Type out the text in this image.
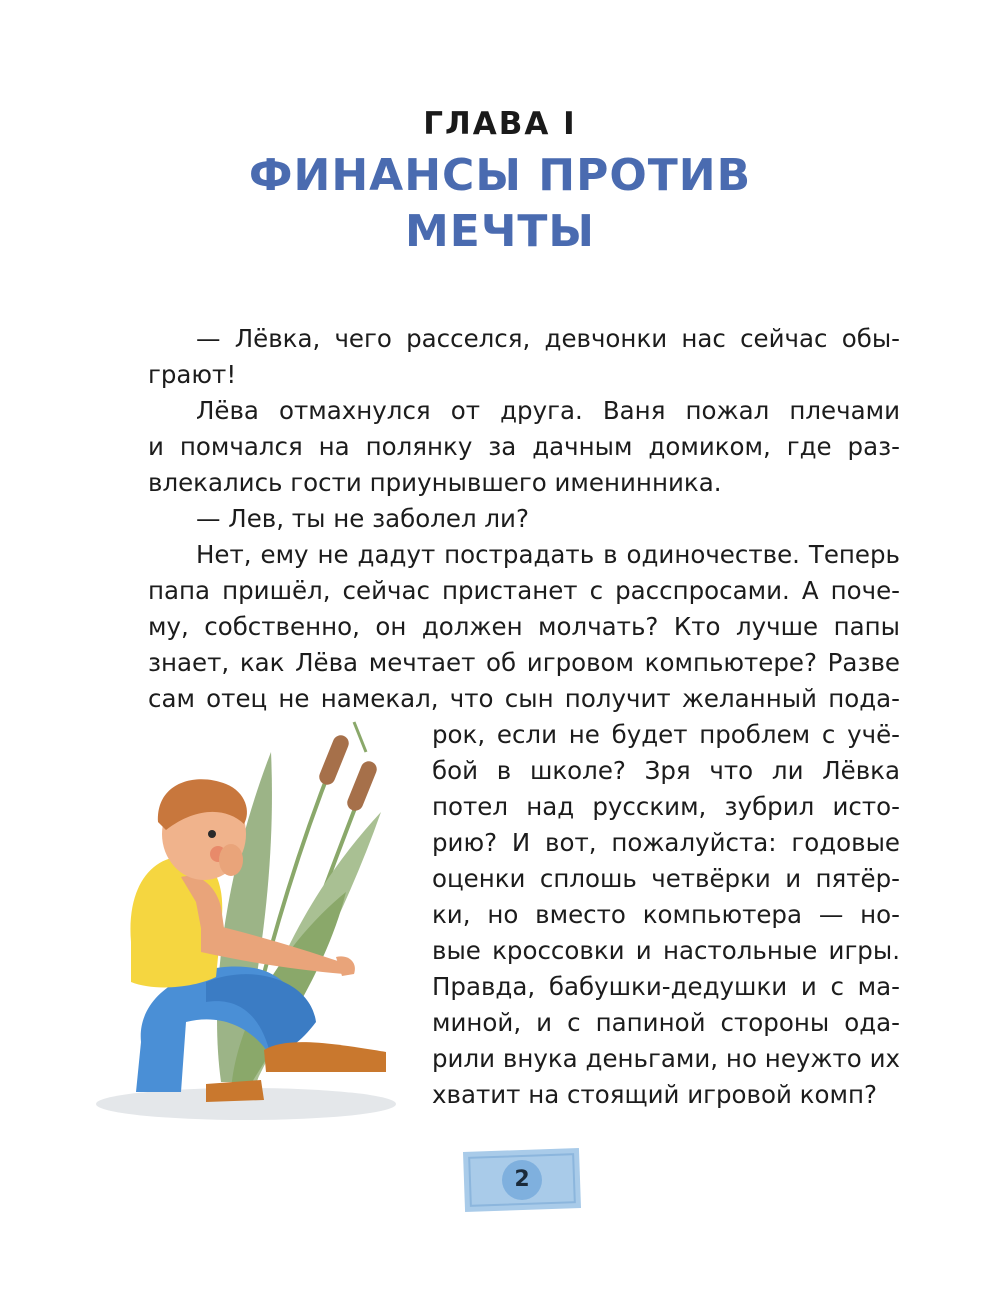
ГЛАВА I
ФИНАНСЫ ПРОТИВ
МЕЧТЫ
— Лёвка, чего расселся, девчонки нас сейчас обы-
грают!
Лёва отмахнулся от друга. Ваня пожал плечами
и помчался на полянку за дачным домиком, где раз-
влекались гости приунывшего именинника.
— Лев, ты не заболел ли?
Нет, ему не дадут пострадать в одиночестве. Теперь
папа пришёл, сейчас пристанет с расспросами. А поче-
му, собственно, он должен молчать? Кто лучше папы
знает, как Лёва мечтает об игровом компьютере? Разве
сам отец не намекал, что сын получит желанный пода-
рок, если не будет проблем с учё-
бой в школе? Зря что ли Лёвка
потел над русским, зубрил исто-
рию? И вот, пожалуйста: годовые
оценки сплошь четвёрки и пятёр-
ки, но вместо компьютера — но-
вые кроссовки и настольные игры.
Правда, бабушки-дедушки и с ма-
миной, и с папиной стороны ода-
рили внука деньгами, но неужто их
хватит на стоящий игровой комп?
2
